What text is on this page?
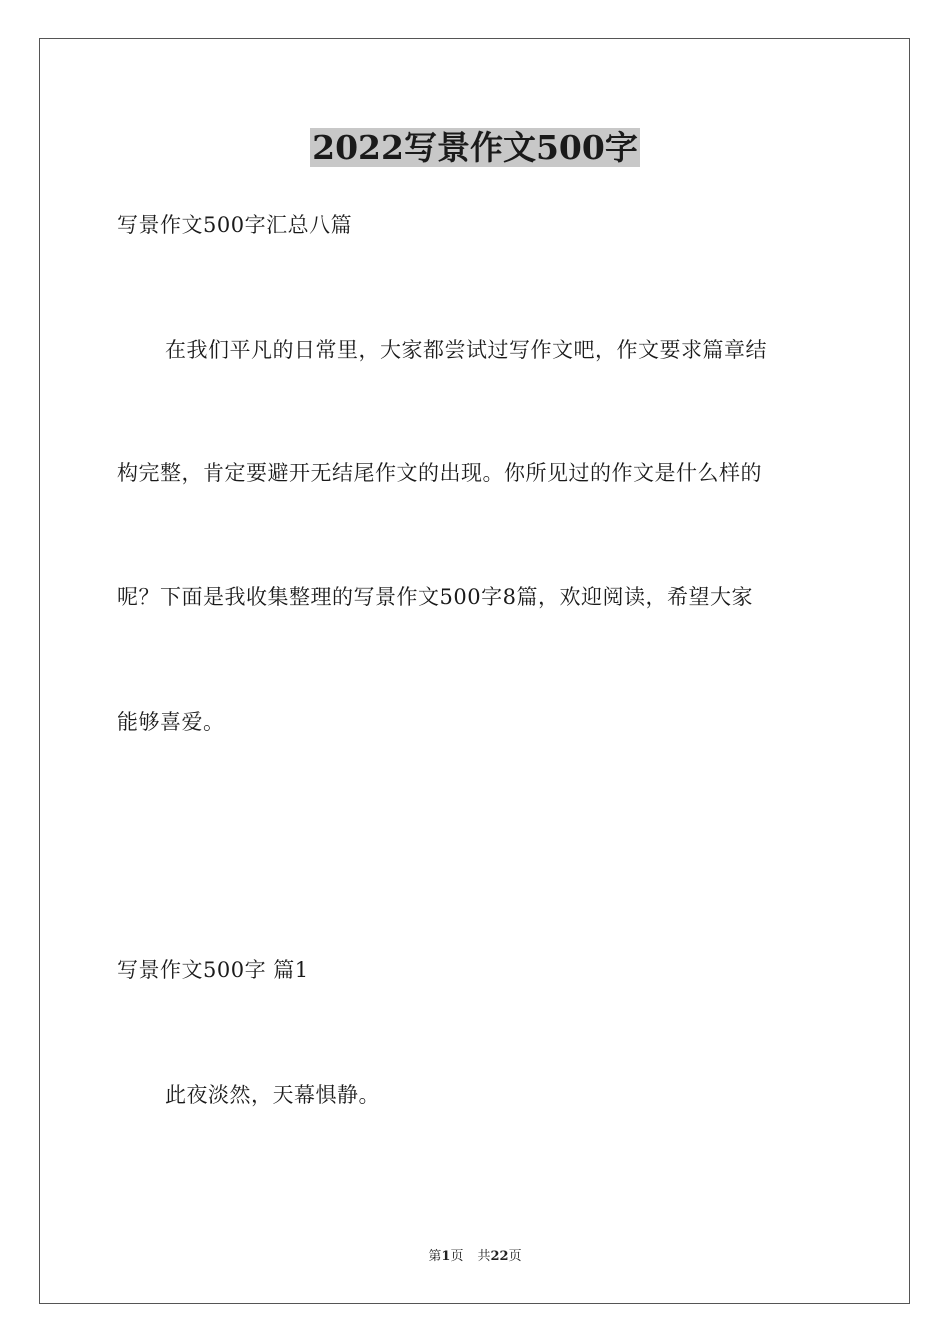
2022写景作文500字
写景作文500字汇总八篇
在我们平凡的日常里，大家都尝试过写作文吧，作文要求篇章结
构完整，肯定要避开无结尾作文的出现。你所见过的作文是什么样的
呢？下面是我收集整理的写景作文500字8篇，欢迎阅读，希望大家
能够喜爱。
写景作文500字 篇1
此夜淡然，天幕惧静。
第1页 共22页
